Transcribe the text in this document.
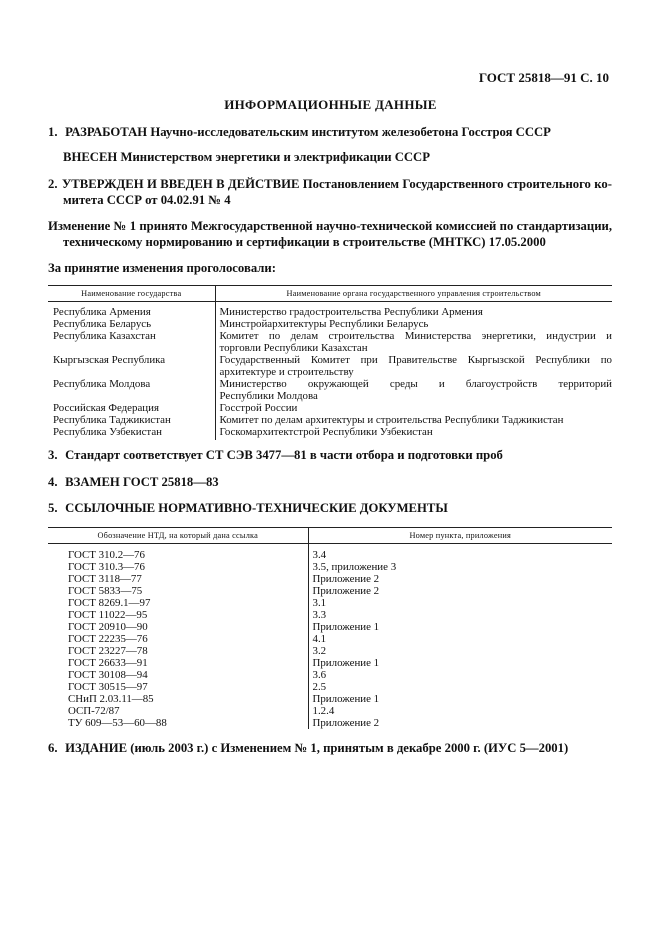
ГОСТ 25818—91 С. 10
ИНФОРМАЦИОННЫЕ ДАННЫЕ
1. РАЗРАБОТАН Научно-исследовательским институтом железобетона Госстроя СССР
ВНЕСЕН Министерством энергетики и электрификации СССР
2. УТВЕРЖДЕН И ВВЕДЕН В ДЕЙСТВИЕ Постановлением Государственного строительного ко-
митета СССР от 04.02.91 № 4
Изменение № 1 принято Межгосударственной научно-технической комиссией по стандартизации,
техническому нормированию и сертификации в строительстве (МНТКС) 17.05.2000
За принятие изменения проголосовали:
Наименование государства	Наименование органа государственного управления строительством
Республика Армения	Министерство градостроительства Республики Армения

Республика Беларусь	Минстройархитектуры Республики Беларусь

Республика Казахстан	Комитет по делам строительства Министерства энергетики, индустрии и
торговли Республики Казахстан

Кыргызская Республика	Государственный Комитет при Правительстве Кыргызской Республики по
архитектуре и строительству

Республика Молдова	Министерство окружающей среды и благоустройств территорий
Республики Молдова

Российская Федерация	Госстрой России

Республика Таджикистан	Комитет по делам архитектуры и строительства Республики Таджикистан

Республика Узбекистан	Госкомархитектстрой Республики Узбекистан
3. Стандарт соответствует СТ СЭВ 3477—81 в части отбора и подготовки проб
4. ВЗАМЕН ГОСТ 25818—83
5. ССЫЛОЧНЫЕ НОРМАТИВНО-ТЕХНИЧЕСКИЕ ДОКУМЕНТЫ
Обозначение НТД, на который дана ссылка	Номер пункта, приложения
ГОСТ 310.2—76	3.4
ГОСТ 310.3—76	3.5, приложение 3
ГОСТ 3118—77	Приложение 2
ГОСТ 5833—75	Приложение 2
ГОСТ 8269.1—97	3.1
ГОСТ 11022—95	3.3
ГОСТ 20910—90	Приложение 1
ГОСТ 22235—76	4.1
ГОСТ 23227—78	3.2
ГОСТ 26633—91	Приложение 1
ГОСТ 30108—94	3.6
ГОСТ 30515—97	2.5
СНиП 2.03.11—85	Приложение 1
ОСП-72/87	1.2.4
ТУ 609—53—60—88	Приложение 2
6. ИЗДАНИЕ (июль 2003 г.) с Изменением № 1, принятым в декабре 2000 г. (ИУС 5—2001)
